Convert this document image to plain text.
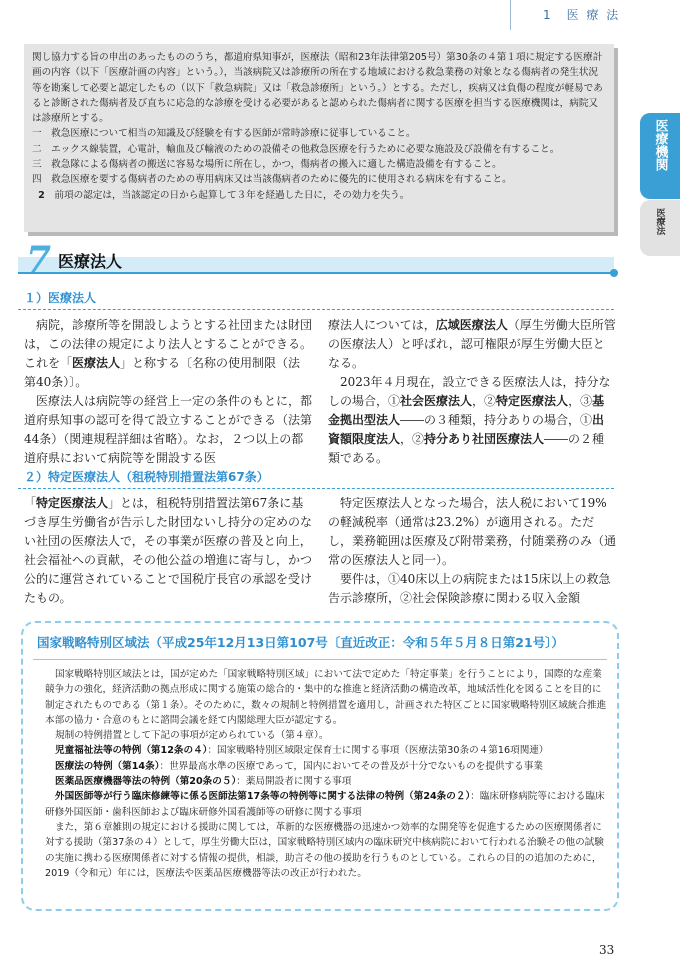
1　医 療 法
医療機関
医療法

関し協力する旨の申出のあったもののうち，都道府県知事が，医療法（昭和23年法律第205号）第30条の４第１項に規定する医療計画の内容（以下「医療計画の内容」という。），当該病院又は診療所の所在する地域における救急業務の対象となる傷病者の発生状況等を勘案して必要と認定したもの（以下「救急病院」又は「救急診療所」という。）とする。ただし，疾病又は負傷の程度が軽易であると診断された傷病者及び直ちに応急的な診療を受ける必要があると認められた傷病者に関する医療を担当する医療機関は，病院又は診療所とする。

一　救急医療について相当の知識及び経験を有する医師が常時診療に従事していること。

二　エックス線装置，心電計，輸血及び輸液のための設備その他救急医療を行うために必要な施設及び設備を有すること。

三　救急隊による傷病者の搬送に容易な場所に所在し，かつ，傷病者の搬入に適した構造設備を有すること。

四　救急医療を要する傷病者のための専用病床又は当該傷病者のために優先的に使用される病床を有すること。

2　 前項の認定は，当該認定の日から起算して３年を経過した日に，その効力を失う。

7 医療法人
１）医療法人

病院，診療所等を開設しようとする社団または財団は，この法律の規定により法人とすることができる。これを「医療法人」と称する〔名称の使用制限（法第40条）〕。

医療法人は病院等の経営上一定の条件のもとに，都道府県知事の認可を得て設立することができる（法第44条）（関連規程詳細は省略）。なお，２つ以上の都道府県において病院等を開設する医

療法人については，広域医療法人（厚生労働大臣所管の医療法人）と呼ばれ，認可権限が厚生労働大臣となる。

2023年４月現在，設立できる医療法人は，持分なしの場合，①社会医療法人，②特定医療法人，③基金拠出型法人――の３種類，持分ありの場合，①出資額限度法人，②持分あり社団医療法人――の２種類である。

２）特定医療法人（租税特別措置法第67条）

「特定医療法人」とは，租税特別措置法第67条に基づき厚生労働省が告示した財団ないし持分の定めのない社団の医療法人で，その事業が医療の普及と向上，社会福祉への貢献，その他公益の増進に寄与し，かつ公的に運営されていることで国税庁長官の承認を受けたもの。

特定医療法人となった場合，法人税において19%の軽減税率（通常は23.2%）が適用される。ただし，業務範囲は医療及び附帯業務，付随業務のみ（通常の医療法人と同一）。

要件は，①40床以上の病院または15床以上の救急告示診療所，②社会保険診療に関わる収入金額

国家戦略特別区域法（平成25年12月13日第107号〔直近改正：令和５年５月８日第21号〕）

国家戦略特別区域法とは，国が定めた「国家戦略特別区域」において法で定めた「特定事業」を行うことにより，国際的な産業競争力の強化，経済活動の拠点形成に関する施策の総合的・集中的な推進と経済活動の構造改革，地域活性化を図ることを目的に制定されたものである（第１条）。そのために，数々の規制と特例措置を適用し，計画された特区ごとに国家戦略特別区域統合推進本部の協力・合意のもとに諮問会議を経て内閣総理大臣が認定する。

規制の特例措置として下記の事項が定められている（第４章）。

児童福祉法等の特例（第12条の４）：国家戦略特別区域限定保育士に関する事項（医療法第30条の４第16項関連）

医療法の特例（第14条）：世界最高水準の医療であって，国内においてその普及が十分でないものを提供する事業

医薬品医療機器等法の特例（第20条の５）：薬局開設者に関する事項

外国医師等が行う臨床修練等に係る医師法第17条等の特例等に関する法律の特例（第24条の２）：臨床研修病院等における臨床研修外国医師・歯科医師および臨床研修外国看護師等の研修に関する事項

また，第６章雑則の規定における援助に関しては，革新的な医療機器の迅速かつ効率的な開発等を促進するための医療関係者に対する援助（第37条の４）として，厚生労働大臣は，国家戦略特別区域内の臨床研究中核病院において行われる治験その他の試験の実施に携わる医療関係者に対する情報の提供，相談，助言その他の援助を行うものとしている。これらの目的の追加のために，2019（令和元）年には，医療法や医薬品医療機器等法の改正が行われた。

33
